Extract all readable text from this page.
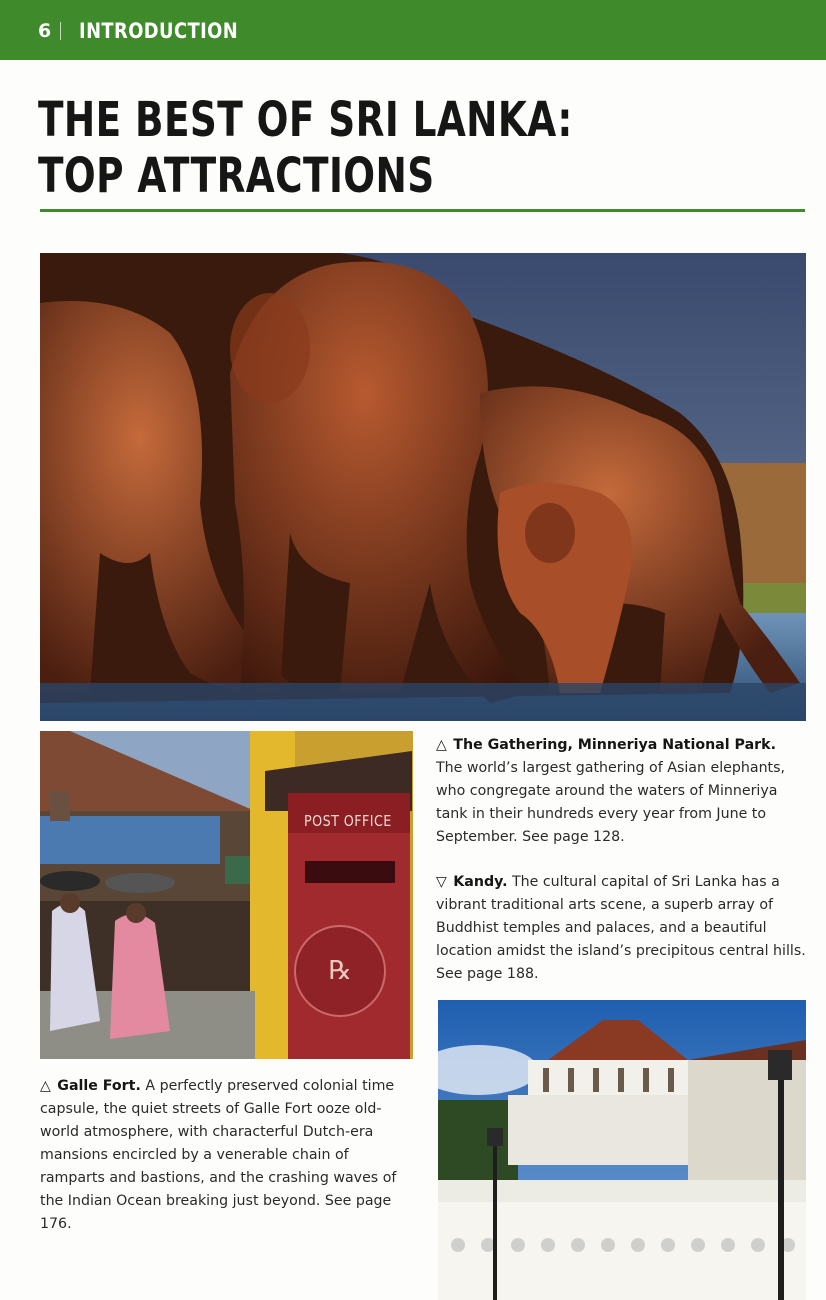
6 INTRODUCTION
THE BEST OF SRI LANKA:
TOP ATTRACTIONS
℞
POST OFFICE
△ The Gathering, Minneriya National Park. The world’s largest gathering of Asian elephants, who congregate around the waters of Minneriya tank in their hundreds every year from June to September. See page 128.
▽ Kandy. The cultural capital of Sri Lanka has a vibrant traditional arts scene, a superb array of Buddhist temples and palaces, and a beautiful location amidst the island’s precipitous central hills. See page 188.
△ Galle Fort. A perfectly preserved colonial time capsule, the quiet streets of Galle Fort ooze old-world atmosphere, with characterful Dutch-era mansions encircled by a venerable chain of ramparts and bastions, and the crashing waves of the Indian Ocean breaking just beyond. See page 176.
